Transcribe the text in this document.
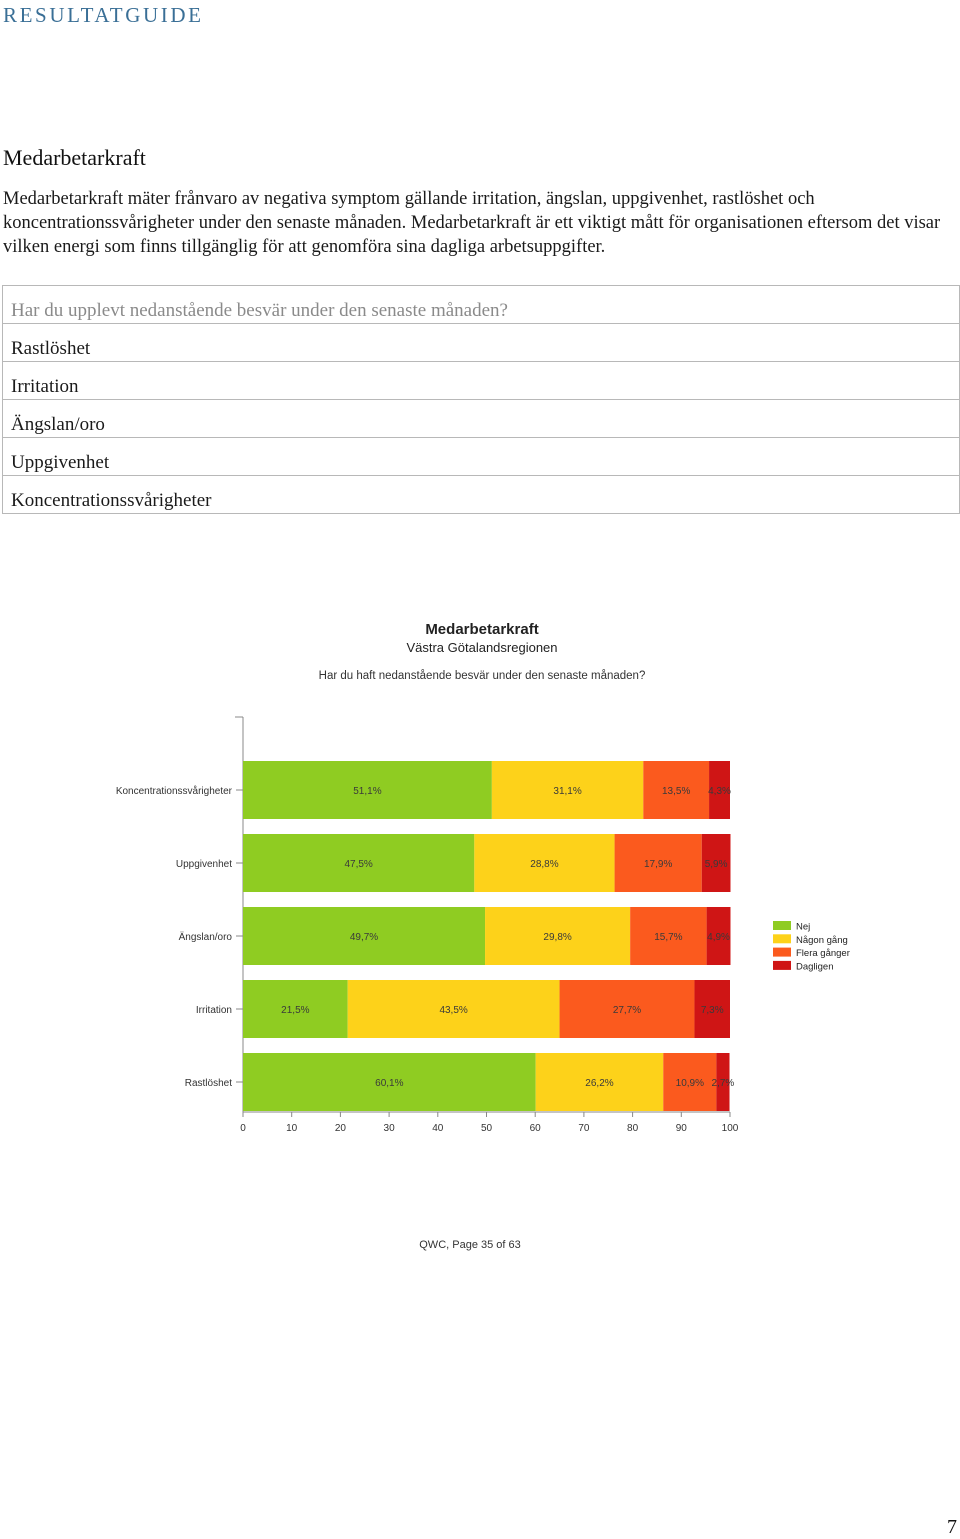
RESULTATGUIDE
Medarbetarkraft
Medarbetarkraft mäter frånvaro av negativa symptom gällande irritation, ängslan, uppgivenhet, rastlöshet och koncentrationssvårigheter under den senaste månaden. Medarbetarkraft är ett viktigt mått för organisationen eftersom det visar vilken energi som finns tillgänglig för att genomföra sina dagliga arbetsuppgifter.
Har du upplevt nedanstående besvär under den senaste månaden?
Rastlöshet
Irritation
Ängslan/oro
Uppgivenhet
Koncentrationssvårigheter
Medarbetarkraft
Västra Götalandsregionen
Har du haft nedanstående besvär under den senaste månaden?
0	10	20	30	40	50	60	70	80	90	100
Koncentrationssvårigheter	51,1%	31,1%	13,5% 4,3%
Uppgivenhet	47,5%	28,8%	17,9%	5,9%
Ängslan/oro	49,7%	29,8%	15,7% 4,9%
Irritation	21,5%	43,5%	27,7%	7,3%
Rastlöshet	60,1%	26,2%	10,9% 2,7%
Nej
Någon gång
Flera gånger
Dagligen
QWC, Page 35 of 63
7
